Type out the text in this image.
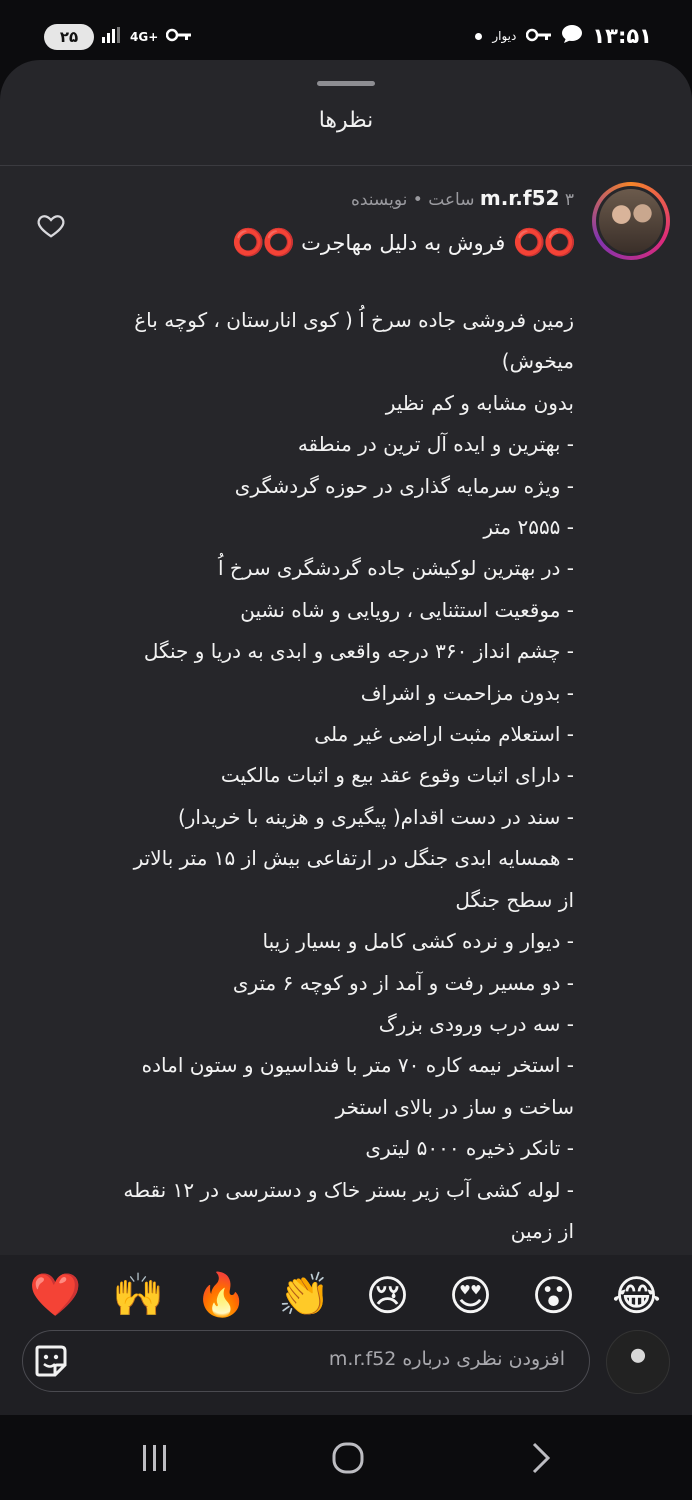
۲۵	4G+	دیوار	۱۳:۵۱
نظرها
m.r.f52 ۳ ساعت • نویسنده
⭕⭕
فروش به دلیل مهاجرت
⭕⭕
زمین فروشی جاده سرخ اُ ( کوی انارستان ، کوچه باغ
میخوش)
بدون مشابه و کم نظیر
- بهترین و ایده آل ترین در منطقه
- ویژه سرمایه گذاری در حوزه گردشگری
- ۲۵۵۵ متر
- در بهترین لوکیشن جاده گردشگری سرخ اُ
- موقعیت استثنایی ، رویایی و شاه نشین
- چشم انداز ۳۶۰ درجه واقعی و ابدی به دریا و جنگل
- بدون مزاحمت و اشراف
- استعلام مثبت اراضی غیر ملی
- دارای اثبات وقوع عقد بیع و اثبات مالکیت
- سند در دست اقدام( پیگیری و هزینه با خریدار)
- همسایه ابدی جنگل در ارتفاعی بیش از ۱۵ متر بالاتر
از سطح جنگل
- دیوار و نرده کشی کامل و بسیار زیبا
- دو مسیر رفت و آمد از دو کوچه ۶ متری
- سه درب ورودی بزرگ
- استخر نیمه کاره ۷۰ متر با فنداسیون و ستون اماده
ساخت و ساز در بالای استخر
- تانکر ذخیره ۵۰۰۰ لیتری
- لوله کشی آب زیر بستر خاک و دسترسی در ۱۲ نقطه
از زمین
❤️ 🙌 🔥 👏 😢 😍 😮 😂
افزودن نظری درباره m.r.f52
